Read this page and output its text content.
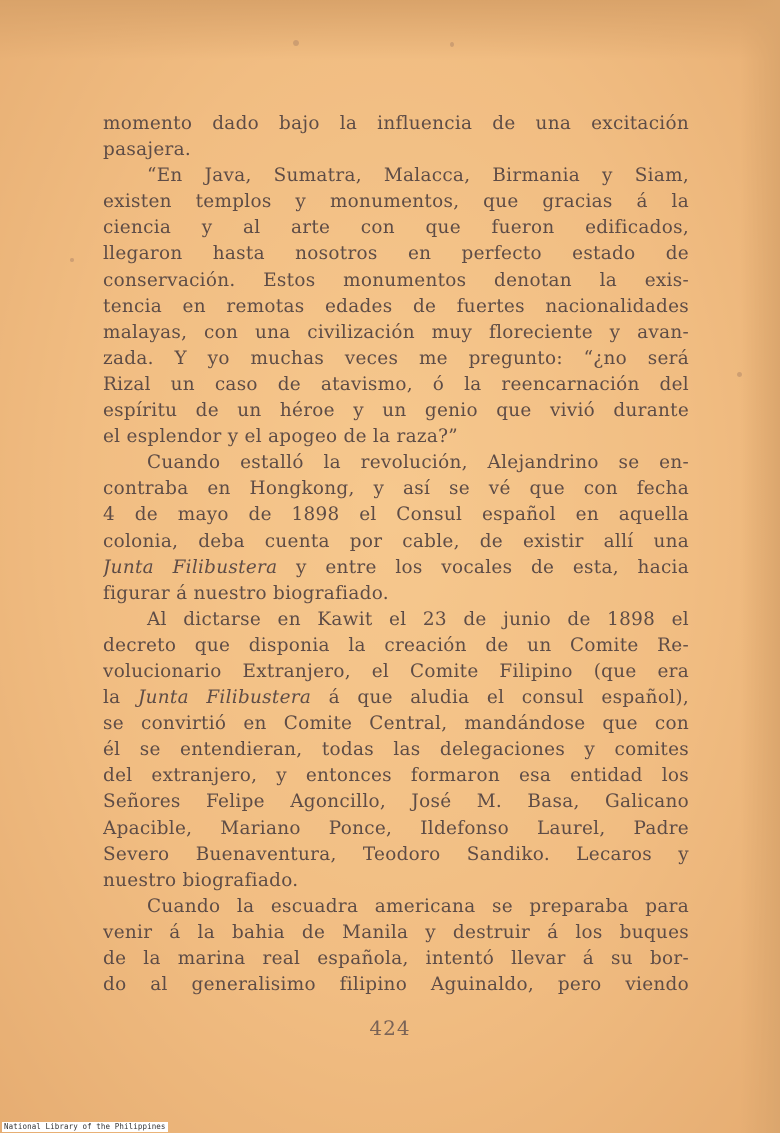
momento dado bajo la influencia de una excitación
pasajera.
“En Java, Sumatra, Malacca, Birmania y Siam,
existen templos y monumentos, que gracias á la
ciencia y al arte con que fueron edificados,
llegaron hasta nosotros en perfecto estado de
conservación. Estos monumentos denotan la exis-
tencia en remotas edades de fuertes nacionalidades
malayas, con una civilización muy floreciente y avan-
zada. Y yo muchas veces me pregunto: “¿no será
Rizal un caso de atavismo, ó la reencarnación del
espíritu de un héroe y un genio que vivió durante
el esplendor y el apogeo de la raza?”
Cuando estalló la revolución, Alejandrino se en-
contraba en Hongkong, y así se vé que con fecha
4 de mayo de 1898 el Consul español en aquella
colonia, deba cuenta por cable, de existir allí una
Junta Filibustera y entre los vocales de esta, hacia
figurar á nuestro biografiado.
Al dictarse en Kawit el 23 de junio de 1898 el
decreto que disponia la creación de un Comite Re-
volucionario Extranjero, el Comite Filipino (que era
la Junta Filibustera á que aludia el consul español),
se convirtió en Comite Central, mandándose que con
él se entendieran, todas las delegaciones y comites
del extranjero, y entonces formaron esa entidad los
Señores Felipe Agoncillo, José M. Basa, Galicano
Apacible, Mariano Ponce, Ildefonso Laurel, Padre
Severo Buenaventura, Teodoro Sandiko. Lecaros y
nuestro biografiado.
Cuando la escuadra americana se preparaba para
venir á la bahia de Manila y destruir á los buques
de la marina real española, intentó llevar á su bor-
do al generalisimo filipino Aguinaldo, pero viendo
424
National Library of the Philippines
